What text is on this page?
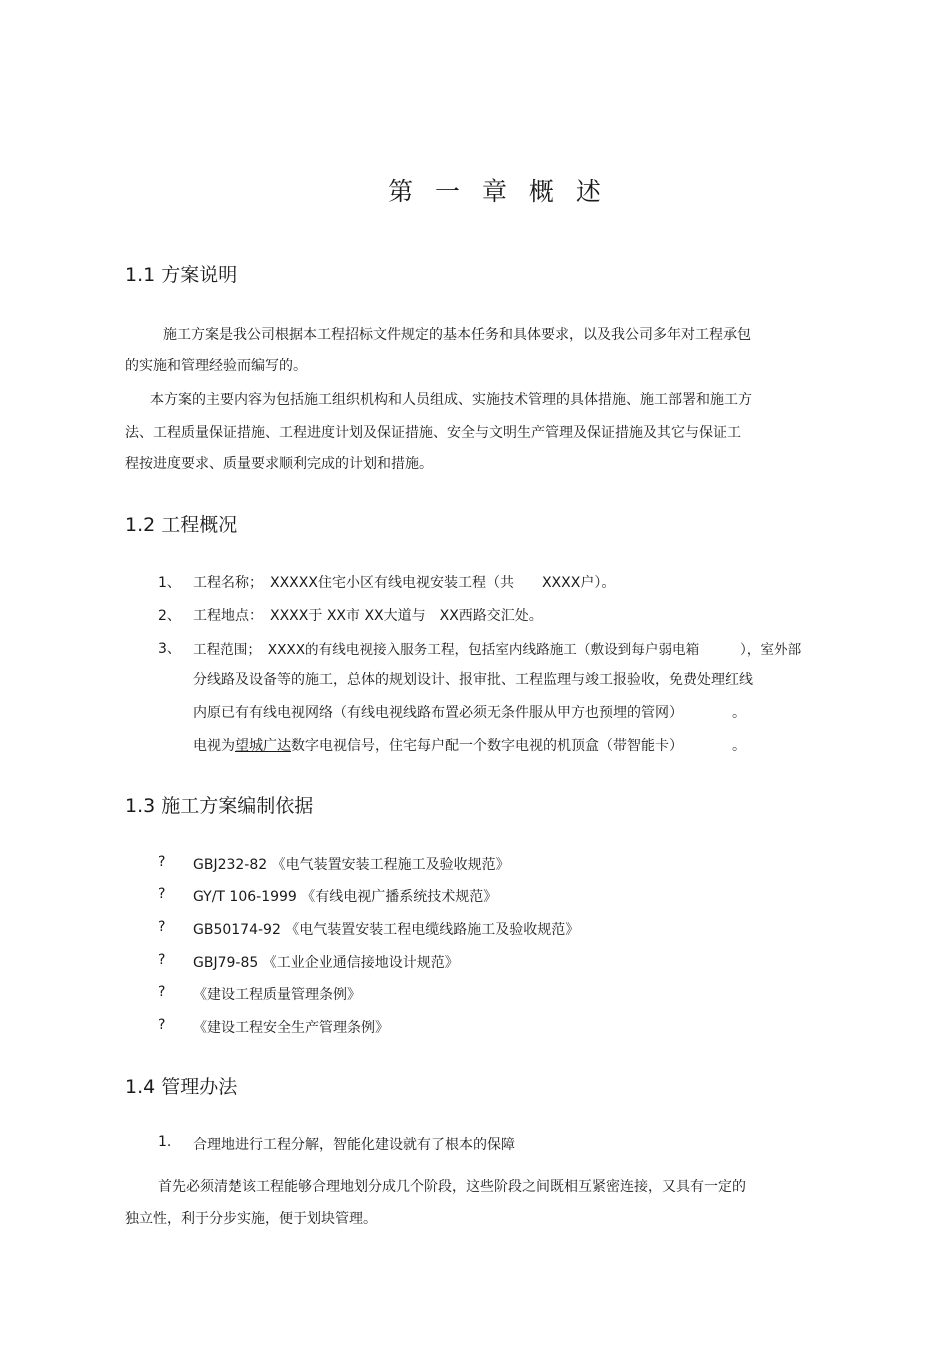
第 一 章 概 述
1.1 方案说明
施工方案是我公司根据本工程招标文件规定的基本任务和具体要求，以及我公司多年对工程承包
的实施和管理经验而编写的。
本方案的主要内容为包括施工组织机构和人员组成、实施技术管理的具体措施、施工部署和施工方
法、工程质量保证措施、工程进度计划及保证措施、安全与文明生产管理及保证措施及其它与保证工
程按进度要求、质量要求顺利完成的计划和措施。
1.2 工程概况
1、 工程名称；　XXXXX住宅小区有线电视安装工程（共　　XXXX户）。
2、 工程地点：　XXXX于 XX市 XX大道与　XX西路交汇处。
3、 工程范围；　XXXX的有线电视接入服务工程，包括室内线路施工（敷设到每户弱电箱　　　），室外部
分线路及设备等的施工，总体的规划设计、报审批、工程监理与竣工报验收，免费处理红线
内原已有有线电视网络（有线电视线路布置必须无条件服从甲方也预埋的管网）　　　　。
电视为望城广达数字电视信号，住宅每户配一个数字电视的机顶盒（带智能卡）　　　　。
1.3 施工方案编制依据
? GBJ232-82 《电气装置安装工程施工及验收规范》
? GY/T 106-1999 《有线电视广播系统技术规范》
? GB50174-92 《电气装置安装工程电缆线路施工及验收规范》
? GBJ79-85 《工业企业通信接地设计规范》
? 《建设工程质量管理条例》
? 《建设工程安全生产管理条例》
1.4 管理办法
1. 合理地进行工程分解，智能化建设就有了根本的保障
首先必须清楚该工程能够合理地划分成几个阶段，这些阶段之间既相互紧密连接，又具有一定的
独立性，利于分步实施，便于划块管理。
